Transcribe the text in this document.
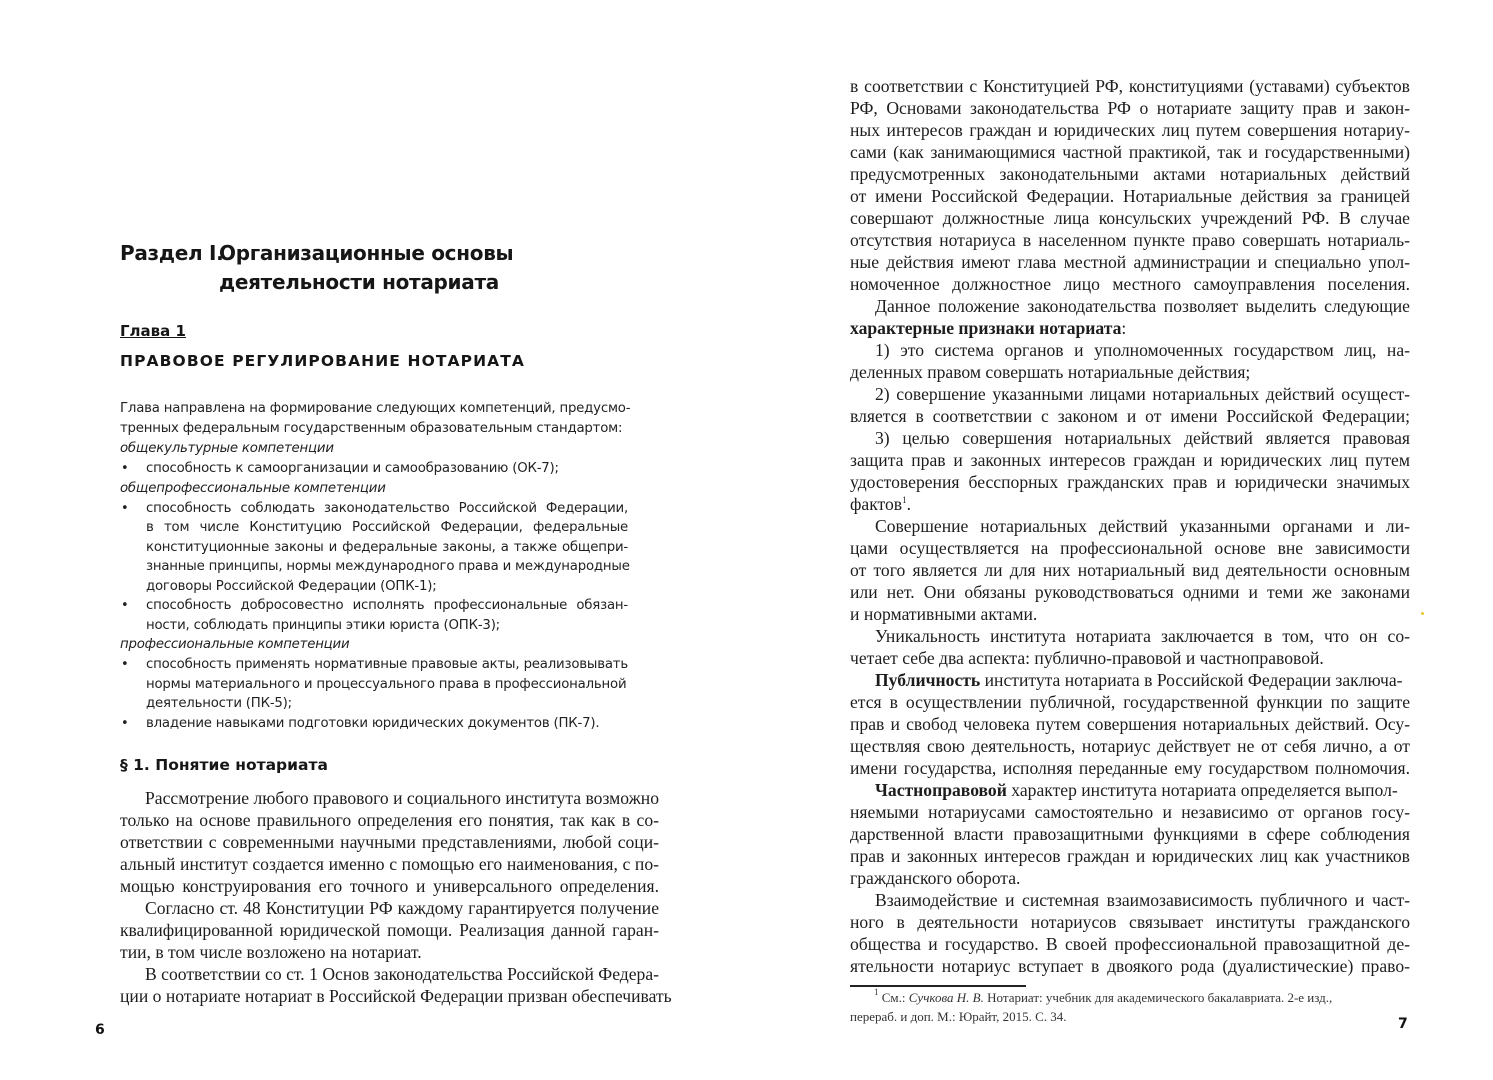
Раздел I.
Организационные основы
деятельности нотариата
Глава 1
ПРАВОВОЕ РЕГУЛИРОВАНИЕ НОТАРИАТА
Глава направлена на формирование следующих компетенций, предусмо-
тренных федеральным государственным образовательным стандартом:
общекультурные компетенции
• способность к самоорганизации и самообразованию (ОК-7);
общепрофессиональные компетенции
• способность соблюдать законодательство Российской Федерации,
в том числе Конституцию Российской Федерации, федеральные
конституционные законы и федеральные законы, а также общепри-
знанные принципы, нормы международного права и международные
договоры Российской Федерации (ОПК-1);
• способность добросовестно исполнять профессиональные обязан-
ности, соблюдать принципы этики юриста (ОПК-3);
профессиональные компетенции
• способность применять нормативные правовые акты, реализовывать
нормы материального и процессуального права в профессиональной
деятельности (ПК-5);
• владение навыками подготовки юридических документов (ПК-7).
§ 1. Понятие нотариата
Рассмотрение любого правового и социального института возможно
только на основе правильного определения его понятия, так как в со-
ответствии с современными научными представлениями, любой соци-
альный институт создается именно с помощью его наименования, с по-
мощью конструирования его точного и универсального определения.
Согласно ст. 48 Конституции РФ каждому гарантируется получение
квалифицированной юридической помощи. Реализация данной гаран-
тии, в том числе возложено на нотариат.
В соответствии со ст. 1 Основ законодательства Российской Федера-
ции о нотариате нотариат в Российской Федерации призван обеспечивать
6
в соответствии с Конституцией РФ, конституциями (уставами) субъектов
РФ, Основами законодательства РФ о нотариате защиту прав и закон-
ных интересов граждан и юридических лиц путем совершения нотариу-
сами (как занимающимися частной практикой, так и государственными)
предусмотренных законодательными актами нотариальных действий
от имени Российской Федерации. Нотариальные действия за границей
совершают должностные лица консульских учреждений РФ. В случае
отсутствия нотариуса в населенном пункте право совершать нотариаль-
ные действия имеют глава местной администрации и специально упол-
номоченное должностное лицо местного самоуправления поселения.
Данное положение законодательства позволяет выделить следующие
характерные признаки нотариата:
1) это система органов и уполномоченных государством лиц, на-
деленных правом совершать нотариальные действия;
2) совершение указанными лицами нотариальных действий осущест-
вляется в соответствии с законом и от имени Российской Федерации;
3) целью совершения нотариальных действий является правовая
защита прав и законных интересов граждан и юридических лиц путем
удостоверения бесспорных гражданских прав и юридически значимых
фактов$^1$.
Совершение нотариальных действий указанными органами и ли-
цами осуществляется на профессиональной основе вне зависимости
от того является ли для них нотариальный вид деятельности основным
или нет. Они обязаны руководствоваться одними и теми же законами
и нормативными актами.
Уникальность института нотариата заключается в том, что он со-
четает себе два аспекта: публично-правовой и частноправовой.
Публичность института нотариата в Российской Федерации заключа-
ется в осуществлении публичной, государственной функции по защите
прав и свобод человека путем совершения нотариальных действий. Осу-
ществляя свою деятельность, нотариус действует не от себя лично, а от
имени государства, исполняя переданные ему государством полномочия.
Частноправовой характер института нотариата определяется выпол-
няемыми нотариусами самостоятельно и независимо от органов госу-
дарственной власти правозащитными функциями в сфере соблюдения
прав и законных интересов граждан и юридических лиц как участников
гражданского оборота.
Взаимодействие и системная взаимозависимость публичного и част-
ного в деятельности нотариусов связывает институты гражданского
общества и государство. В своей профессиональной правозащитной де-
ятельности нотариус вступает в двоякого рода (дуалистические) право-
$^1$ См.: Сучкова Н. В. Нотариат: учебник для академического бакалавриата. 2-е изд.,
перераб. и доп. М.: Юрайт, 2015. С. 34.	7
